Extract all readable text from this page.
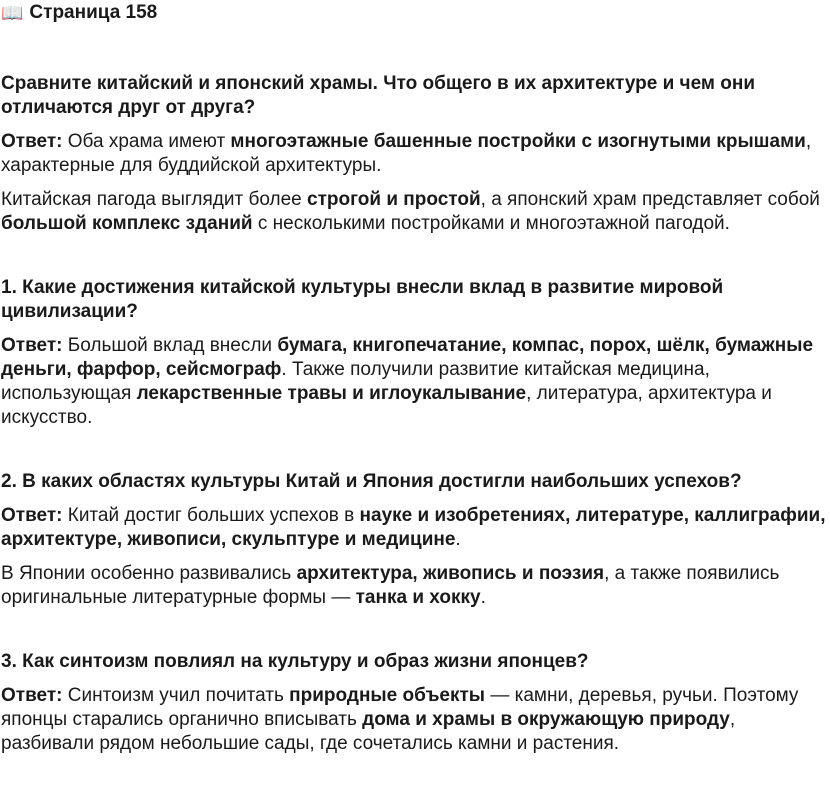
📖 Страница 158

Сравните китайский и японский храмы. Что общего в их архитектуре и чем они отличаются друг от друга?

Ответ: Оба храма имеют многоэтажные башенные постройки с изогнутыми крышами, характерные для буддийской архитектуры.

Китайская пагода выглядит более строгой и простой, а японский храм представляет собой большой комплекс зданий с несколькими постройками и многоэтажной пагодой.

1. Какие достижения китайской культуры внесли вклад в развитие мировой цивилизации?

Ответ: Большой вклад внесли бумага, книгопечатание, компас, порох, шёлк, бумажные деньги, фарфор, сейсмограф. Также получили развитие китайская медицина, использующая лекарственные травы и иглоукалывание, литература, архитектура и искусство.

2. В каких областях культуры Китай и Япония достигли наибольших успехов?

Ответ: Китай достиг больших успехов в науке и изобретениях, литературе, каллиграфии, архитектуре, живописи, скульптуре и медицине.

В Японии особенно развивались архитектура, живопись и поэзия, а также появились оригинальные литературные формы — танка и хокку.

3. Как синтоизм повлиял на культуру и образ жизни японцев?

Ответ: Синтоизм учил почитать природные объекты — камни, деревья, ручьи. Поэтому японцы старались органично вписывать дома и храмы в окружающую природу, разбивали рядом небольшие сады, где сочетались камни и растения.
